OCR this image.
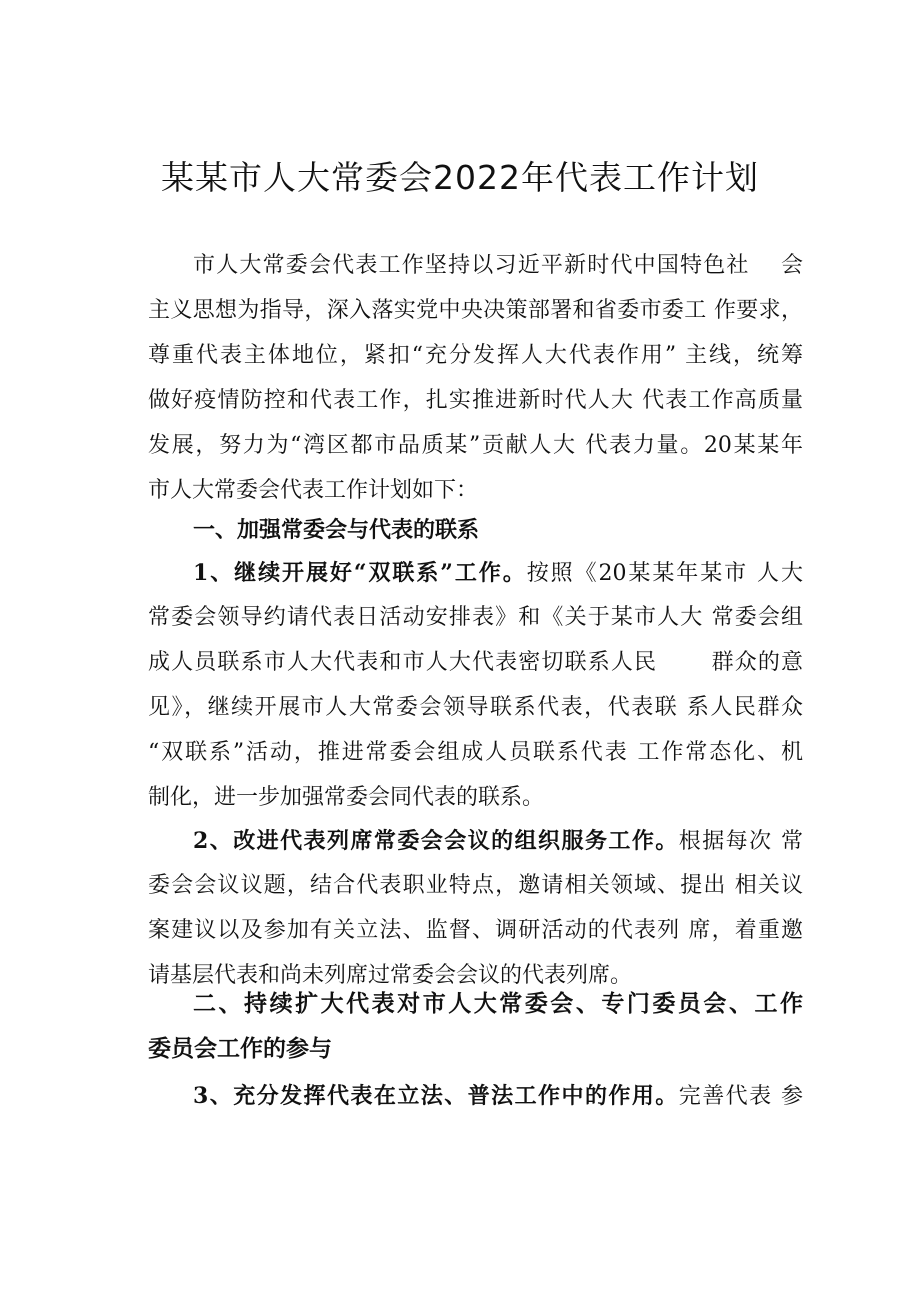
某某市人大常委会2022年代表工作计划
市人大常委会代表工作坚持以习近平新时代中国特色社　 会
主义思想为指导，深入落实党中央决策部署和省委市委工 作要求，
尊重代表主体地位，紧扣“充分发挥人大代表作用” 主线，统筹
做好疫情防控和代表工作，扎实推进新时代人大 代表工作高质量
发展，努力为“湾区都市品质某”贡献人大 代表力量。20某某年
市人大常委会代表工作计划如下：
一、加强常委会与代表的联系
1、继续开展好“双联系”工作。按照《20某某年某市 人大
常委会领导约请代表日活动安排表》和《关于某市人大 常委会组
成人员联系市人大代表和市人大代表密切联系人民　　 群众的意
见》，继续开展市人大常委会领导联系代表，代表联 系人民群众
“双联系”活动，推进常委会组成人员联系代表 工作常态化、机
制化，进一步加强常委会同代表的联系。
2、改进代表列席常委会会议的组织服务工作。根据每次 常
委会会议议题，结合代表职业特点，邀请相关领域、提出 相关议
案建议以及参加有关立法、监督、调研活动的代表列 席，着重邀
请基层代表和尚未列席过常委会会议的代表列席。
二、持续扩大代表对市人大常委会、专门委员会、工作
委员会工作的参与
3、充分发挥代表在立法、普法工作中的作用。完善代表 参
